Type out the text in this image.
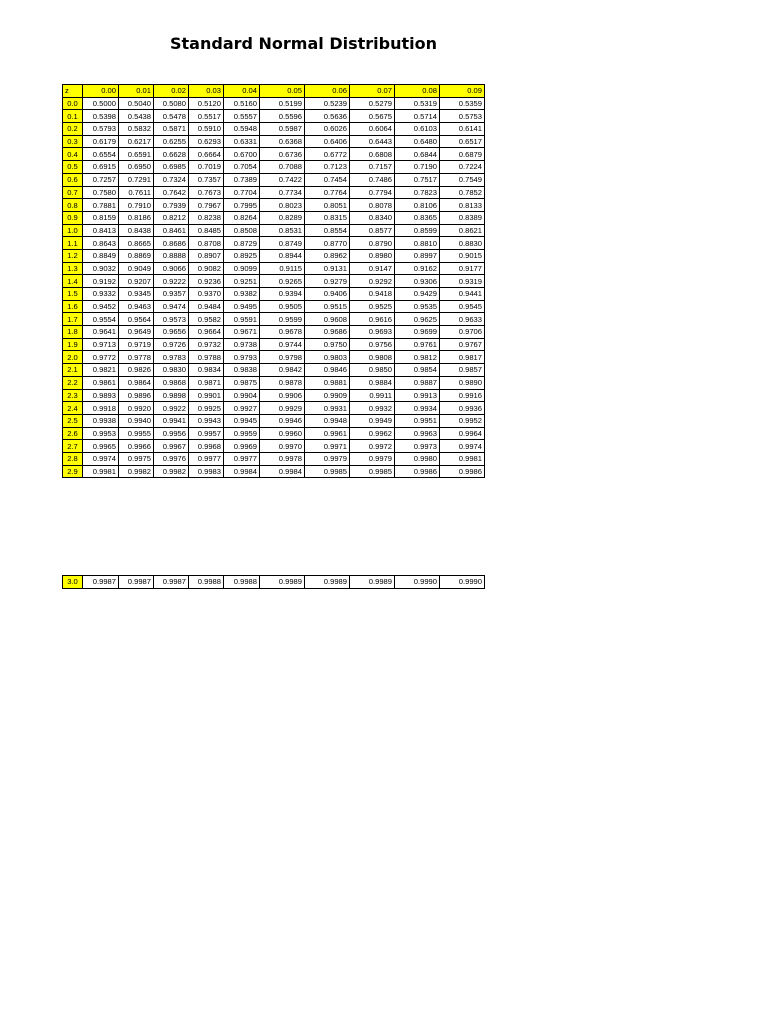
Standard Normal Distribution
z	0.00	0.01	0.02	0.03	0.04	0.05	0.06	0.07	0.08	0.09
0.0	0.5000	0.5040	0.5080	0.5120	0.5160	0.5199	0.5239	0.5279	0.5319	0.5359
0.1	0.5398	0.5438	0.5478	0.5517	0.5557	0.5596	0.5636	0.5675	0.5714	0.5753
0.2	0.5793	0.5832	0.5871	0.5910	0.5948	0.5987	0.6026	0.6064	0.6103	0.6141
0.3	0.6179	0.6217	0.6255	0.6293	0.6331	0.6368	0.6406	0.6443	0.6480	0.6517
0.4	0.6554	0.6591	0.6628	0.6664	0.6700	0.6736	0.6772	0.6808	0.6844	0.6879
0.5	0.6915	0.6950	0.6985	0.7019	0.7054	0.7088	0.7123	0.7157	0.7190	0.7224
0.6	0.7257	0.7291	0.7324	0.7357	0.7389	0.7422	0.7454	0.7486	0.7517	0.7549
0.7	0.7580	0.7611	0.7642	0.7673	0.7704	0.7734	0.7764	0.7794	0.7823	0.7852
0.8	0.7881	0.7910	0.7939	0.7967	0.7995	0.8023	0.8051	0.8078	0.8106	0.8133
0.9	0.8159	0.8186	0.8212	0.8238	0.8264	0.8289	0.8315	0.8340	0.8365	0.8389
1.0	0.8413	0.8438	0.8461	0.8485	0.8508	0.8531	0.8554	0.8577	0.8599	0.8621
1.1	0.8643	0.8665	0.8686	0.8708	0.8729	0.8749	0.8770	0.8790	0.8810	0.8830
1.2	0.8849	0.8869	0.8888	0.8907	0.8925	0.8944	0.8962	0.8980	0.8997	0.9015
1.3	0.9032	0.9049	0.9066	0.9082	0.9099	0.9115	0.9131	0.9147	0.9162	0.9177
1.4	0.9192	0.9207	0.9222	0.9236	0.9251	0.9265	0.9279	0.9292	0.9306	0.9319
1.5	0.9332	0.9345	0.9357	0.9370	0.9382	0.9394	0.9406	0.9418	0.9429	0.9441
1.6	0.9452	0.9463	0.9474	0.9484	0.9495	0.9505	0.9515	0.9525	0.9535	0.9545
1.7	0.9554	0.9564	0.9573	0.9582	0.9591	0.9599	0.9608	0.9616	0.9625	0.9633
1.8	0.9641	0.9649	0.9656	0.9664	0.9671	0.9678	0.9686	0.9693	0.9699	0.9706
1.9	0.9713	0.9719	0.9726	0.9732	0.9738	0.9744	0.9750	0.9756	0.9761	0.9767
2.0	0.9772	0.9778	0.9783	0.9788	0.9793	0.9798	0.9803	0.9808	0.9812	0.9817
2.1	0.9821	0.9826	0.9830	0.9834	0.9838	0.9842	0.9846	0.9850	0.9854	0.9857
2.2	0.9861	0.9864	0.9868	0.9871	0.9875	0.9878	0.9881	0.9884	0.9887	0.9890
2.3	0.9893	0.9896	0.9898	0.9901	0.9904	0.9906	0.9909	0.9911	0.9913	0.9916
2.4	0.9918	0.9920	0.9922	0.9925	0.9927	0.9929	0.9931	0.9932	0.9934	0.9936
2.5	0.9938	0.9940	0.9941	0.9943	0.9945	0.9946	0.9948	0.9949	0.9951	0.9952
2.6	0.9953	0.9955	0.9956	0.9957	0.9959	0.9960	0.9961	0.9962	0.9963	0.9964
2.7	0.9965	0.9966	0.9967	0.9968	0.9969	0.9970	0.9971	0.9972	0.9973	0.9974
2.8	0.9974	0.9975	0.9976	0.9977	0.9977	0.9978	0.9979	0.9979	0.9980	0.9981
2.9	0.9981	0.9982	0.9982	0.9983	0.9984	0.9984	0.9985	0.9985	0.9986	0.9986
3.0	0.9987	0.9987	0.9987	0.9988	0.9988	0.9989	0.9989	0.9989	0.9990	0.9990
